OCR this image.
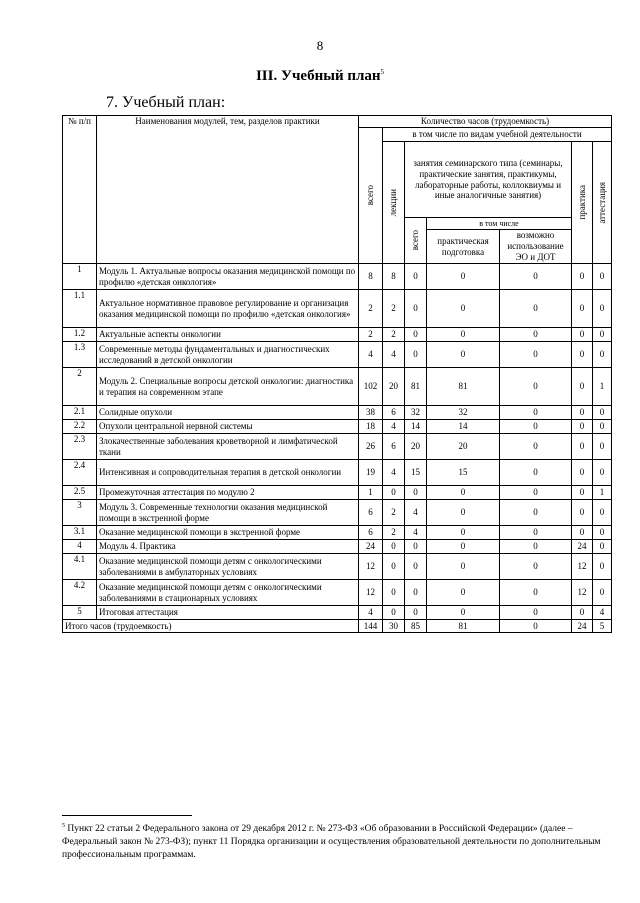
8
III. Учебный план$^5$
7. Учебный план:
№ п/п	Наименования модулей, тем, разделов практики	Количество часов (трудоемкость)						

		всего	в том числе по видам учебной деятельности					

			лекции	занятия семинарского типа (семинары, практические занятия, практикумы, лабораторные работы, коллоквиумы и иные аналогичные занятия)			практика	аттестация

				всего	в том числе			
					практическая подготовка	возможно использование ЭО и ДОТ		
1	Модуль 1. Актуальные вопросы оказания медицинской помощи по профилю «детская онкология»	8	8	0	0	0	0	0
1.1	Актуальное нормативное правовое регулирование и организация оказания медицинской помощи по профилю «детская онкология»	2	2	0	0	0	0	0
1.2	Актуальные аспекты онкологии	2	2	0	0	0	0	0
1.3	Современные методы фундаментальных и диагностических исследований в детской онкологии	4	4	0	0	0	0	0
2	Модуль 2. Специальные вопросы детской онкологии: диагностика и терапия на современном этапе	102	20	81	81	0	0	1
2.1	Солидные опухоли	38	6	32	32	0	0	0
2.2	Опухоли центральной нервной системы	18	4	14	14	0	0	0
2.3	Злокачественные заболевания кроветворной и лимфатической ткани	26	6	20	20	0	0	0
2.4	Интенсивная и сопроводительная терапия в детской онкологии	19	4	15	15	0	0	0
2.5	Промежуточная аттестация по модулю 2	1	0	0	0	0	0	1
3	Модуль 3. Современные технологии оказания медицинской помощи в экстренной форме	6	2	4	0	0	0	0
3.1	Оказание медицинской помощи в экстренной форме	6	2	4	0	0	0	0
4	Модуль 4. Практика	24	0	0	0	0	24	0
4.1	Оказание медицинской помощи детям с онкологическими заболеваниями в амбулаторных условиях	12	0	0	0	0	12	0
4.2	Оказание медицинской помощи детям с онкологическими заболеваниями в стационарных условиях	12	0	0	0	0	12	0
5	Итоговая аттестация	4	0	0	0	0	0	4
Итого часов (трудоемкость)		144	30	85	81	0	24	5
$^5$ Пункт 22 статьи 2 Федерального закона от 29 декабря 2012 г. № 273-ФЗ «Об образовании в Российской Федерации» (далее – Федеральный закон № 273-ФЗ); пункт 11 Порядка организации и осуществления образовательной деятельности по дополнительным профессиональным программам.
